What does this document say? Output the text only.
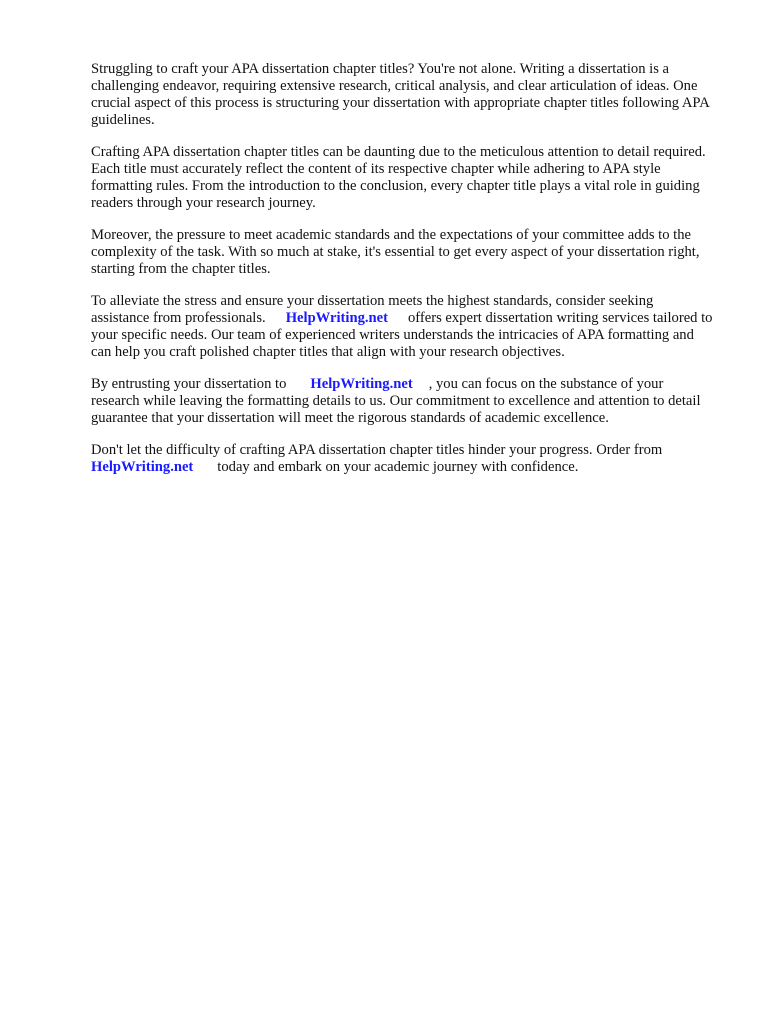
Struggling to craft your APA dissertation chapter titles? You're not alone. Writing a dissertation is a challenging endeavor, requiring extensive research, critical analysis, and clear articulation of ideas. One crucial aspect of this process is structuring your dissertation with appropriate chapter titles following APA guidelines.

Crafting APA dissertation chapter titles can be daunting due to the meticulous attention to detail required. Each title must accurately reflect the content of its respective chapter while adhering to APA style formatting rules. From the introduction to the conclusion, every chapter title plays a vital role in guiding readers through your research journey.

Moreover, the pressure to meet academic standards and the expectations of your committee adds to the complexity of the task. With so much at stake, it's essential to get every aspect of your dissertation right, starting from the chapter titles.

To alleviate the stress and ensure your dissertation meets the highest standards, consider seeking assistance from professionals. HelpWriting.net offers expert dissertation writing services tailored to your specific needs. Our team of experienced writers understands the intricacies of APA formatting and can help you craft polished chapter titles that align with your research objectives.

By entrusting your dissertation to HelpWriting.net , you can focus on the substance of your research while leaving the formatting details to us. Our commitment to excellence and attention to detail guarantee that your dissertation will meet the rigorous standards of academic excellence.

Don't let the difficulty of crafting APA dissertation chapter titles hinder your progress. Order from HelpWriting.net today and embark on your academic journey with confidence.
